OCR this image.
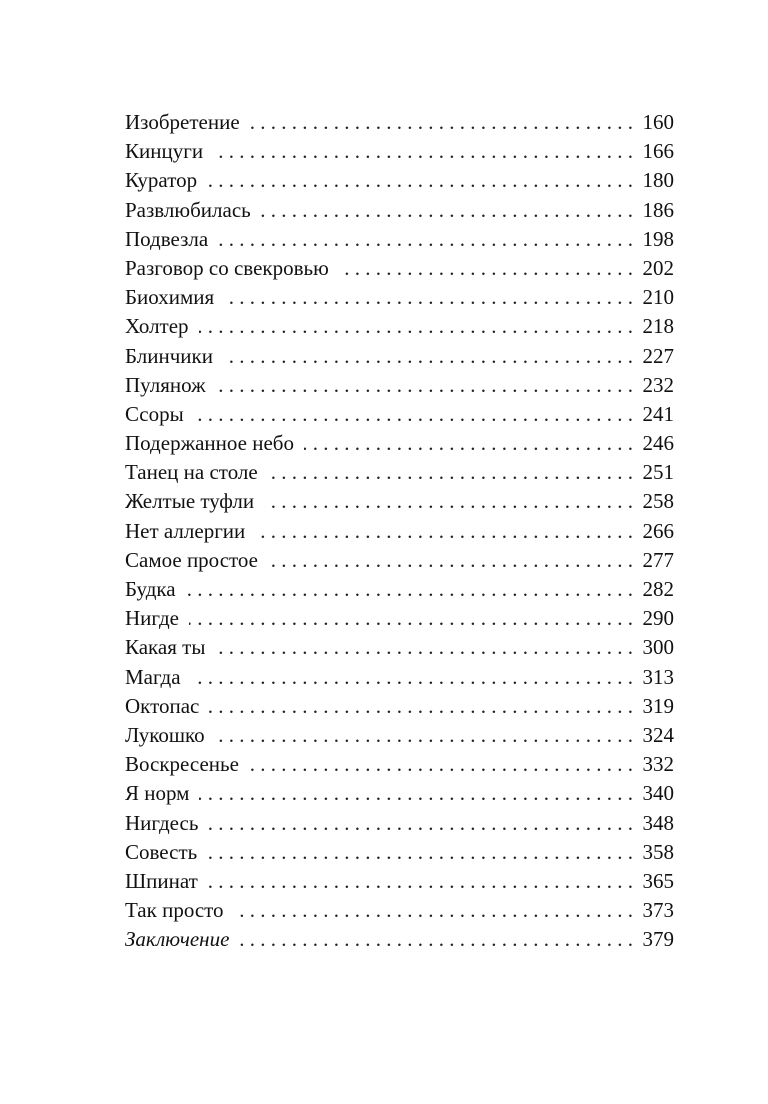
Изобретение . . .	160
Кинцуги . . .	166
Куратор . . .	180
Развлюбилась . . .	186
Подвезла . . .	198
Разговор со свекровью . . .	202
Биохимия . . .	210
Холтер . . .	218
Блинчики . . .	227
Пулянож . . .	232
Ссоры . . .	241
Подержанное небо . . .	246
Танец на столе . . .	251
Желтые туфли . . .	258
Нет аллергии . . .	266
Самое простое . . .	277
Будка . . .	282
Нигде . . .	290
Какая ты . . .	300
Магда . . .	313
Октопас . . .	319
Лукошко . . .	324
Воскресенье . . .	332
Я норм . . .	340
Нигдесь . . .	348
Совесть . . .	358
Шпинат . . .	365
Так просто . . .	373
Заключение . . .	379
